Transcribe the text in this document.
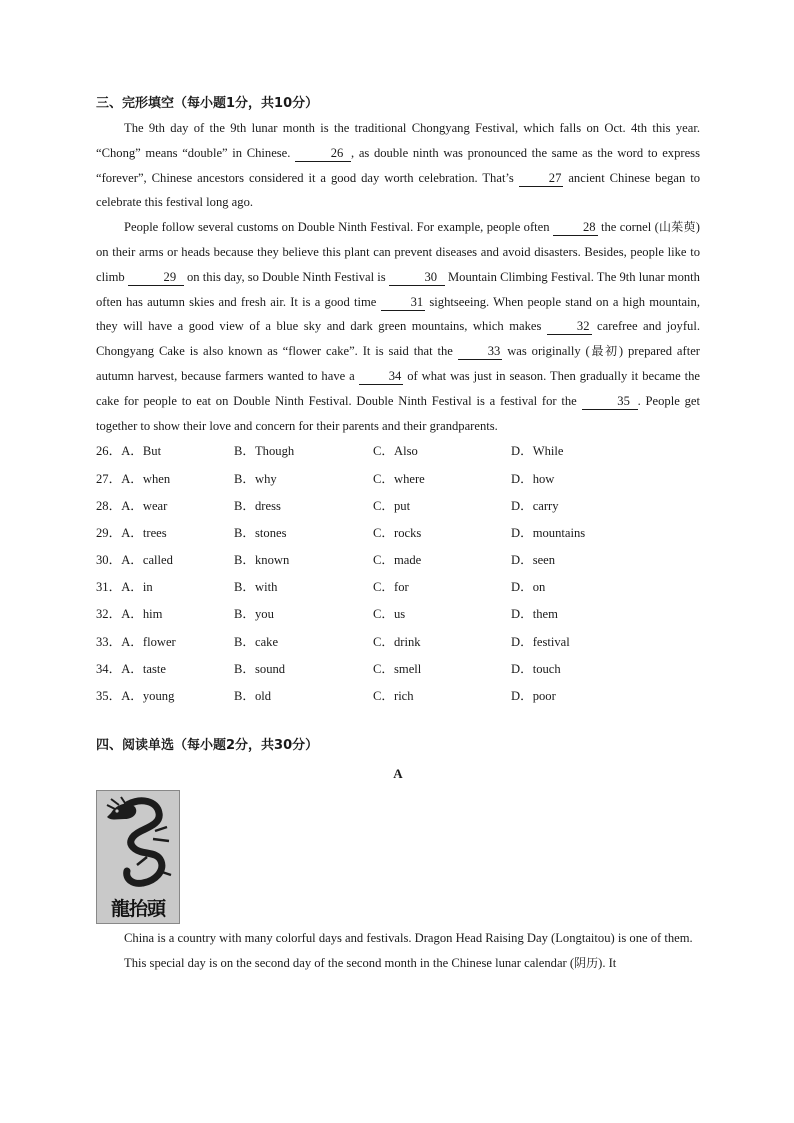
三、完形填空（每小题1分，共10分）

The 9th day of the 9th lunar month is the traditional Chongyang Festival, which falls on Oct. 4th this year. “Chong” means “double” in Chinese.	26 , as double ninth was pronounced the same as the word to express “forever”, Chinese ancestors considered it a good day worth celebration. That’s 27 ancient Chinese began to celebrate this festival long ago.

People follow several customs on Double Ninth Festival. For example, people often 28 the cornel (山茱萸) on their arms or heads because they believe this plant can prevent diseases and avoid disasters. Besides, people like to climb	29 on this day, so Double Ninth Festival is	30 Mountain Climbing Festival. The 9th lunar month often has autumn skies and fresh air. It is a good time 31 sightseeing. When people stand on a high mountain, they will have a good view of a blue sky and dark green mountains, which makes 32 carefree and joyful. Chongyang Cake is also known as “flower cake”. It is said that the 33 was originally (最初) prepared after autumn harvest, because farmers wanted to have a 34 of what was just in season. Then gradually it became the cake for people to eat on Double Ninth Festival. Double Ninth Festival is a festival for the	35 . People get together to show their love and concern for their parents and their grandparents.

26．A．But	B．Though	C．Also	D．While
27．A．when	B．why	C．where	D．how
28．A．wear	B．dress	C．put	D．carry
29．A．trees	B．stones	C．rocks	D．mountains
30．A．called	B．known	C．made	D．seen
31．A．in	B．with	C．for	D．on
32．A．him	B．you	C．us	D．them
33．A．flower	B．cake	C．drink	D．festival
34．A．taste	B．sound	C．smell	D．touch
35．A．young	B．old	C．rich	D．poor

四、阅读单选（每小题2分，共30分）

A

龍抬頭

China is a country with many colorful days and festivals. Dragon Head Raising Day (Longtaitou) is one of them.

This special day is on the second day of the second month in the Chinese lunar calendar (阴历). It
